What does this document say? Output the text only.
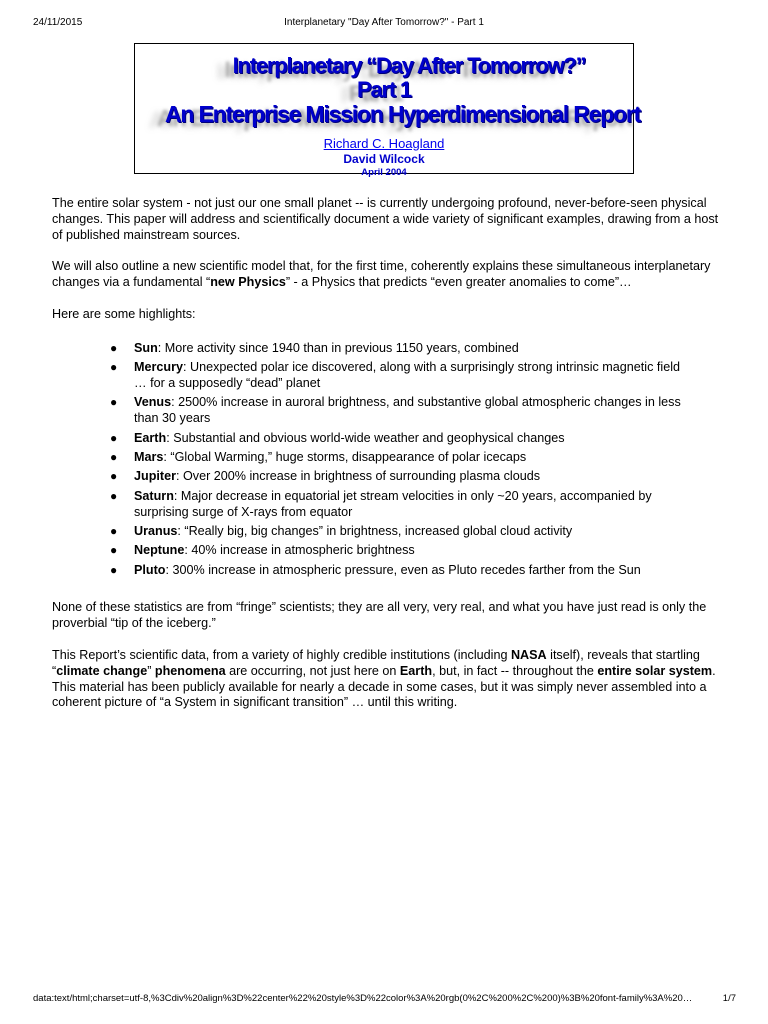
24/11/2015	Interplanetary "Day After Tomorrow?" - Part 1
Interplanetary “Day After Tomorrow?”
Part 1
An Enterprise Mission Hyperdimensional Report
Richard C. Hoagland
David Wilcock
April 2004

The entire solar system - not just our one small planet -- is currently undergoing profound, never-before-seen physical changes. This paper will address and scientifically document a wide variety of significant examples, drawing from a host of published mainstream sources.

We will also outline a new scientific model that, for the first time, coherently explains these simultaneous interplanetary changes via a fundamental “new Physics” - a Physics that predicts “even greater anomalies to come”…

Here are some highlights:

● Sun: More activity since 1940 than in previous 1150 years, combined
● Mercury: Unexpected polar ice discovered, along with a surprisingly strong intrinsic magnetic field … for a supposedly “dead” planet
● Venus: 2500% increase in auroral brightness, and substantive global atmospheric changes in less than 30 years
● Earth: Substantial and obvious world-wide weather and geophysical changes
● Mars: “Global Warming,” huge storms, disappearance of polar icecaps
● Jupiter: Over 200% increase in brightness of surrounding plasma clouds
● Saturn: Major decrease in equatorial jet stream velocities in only ~20 years, accompanied by surprising surge of X-rays from equator
● Uranus: “Really big, big changes” in brightness, increased global cloud activity
● Neptune: 40% increase in atmospheric brightness
● Pluto: 300% increase in atmospheric pressure, even as Pluto recedes farther from the Sun

None of these statistics are from “fringe” scientists; they are all very, very real, and what you have just read is only the proverbial “tip of the iceberg.”

This Report’s scientific data, from a variety of highly credible institutions (including NASA itself), reveals that startling “climate change” phenomena are occurring, not just here on Earth, but, in fact -- throughout the entire solar system. This material has been publicly available for nearly a decade in some cases, but it was simply never assembled into a coherent picture of “a System in significant transition” … until this writing.

data:text/html;charset=utf-8,%3Cdiv%20align%3D%22center%22%20style%3D%22color%3A%20rgb(0%2C%200%2C%200)%3B%20font-family%3A%20…	1/7
